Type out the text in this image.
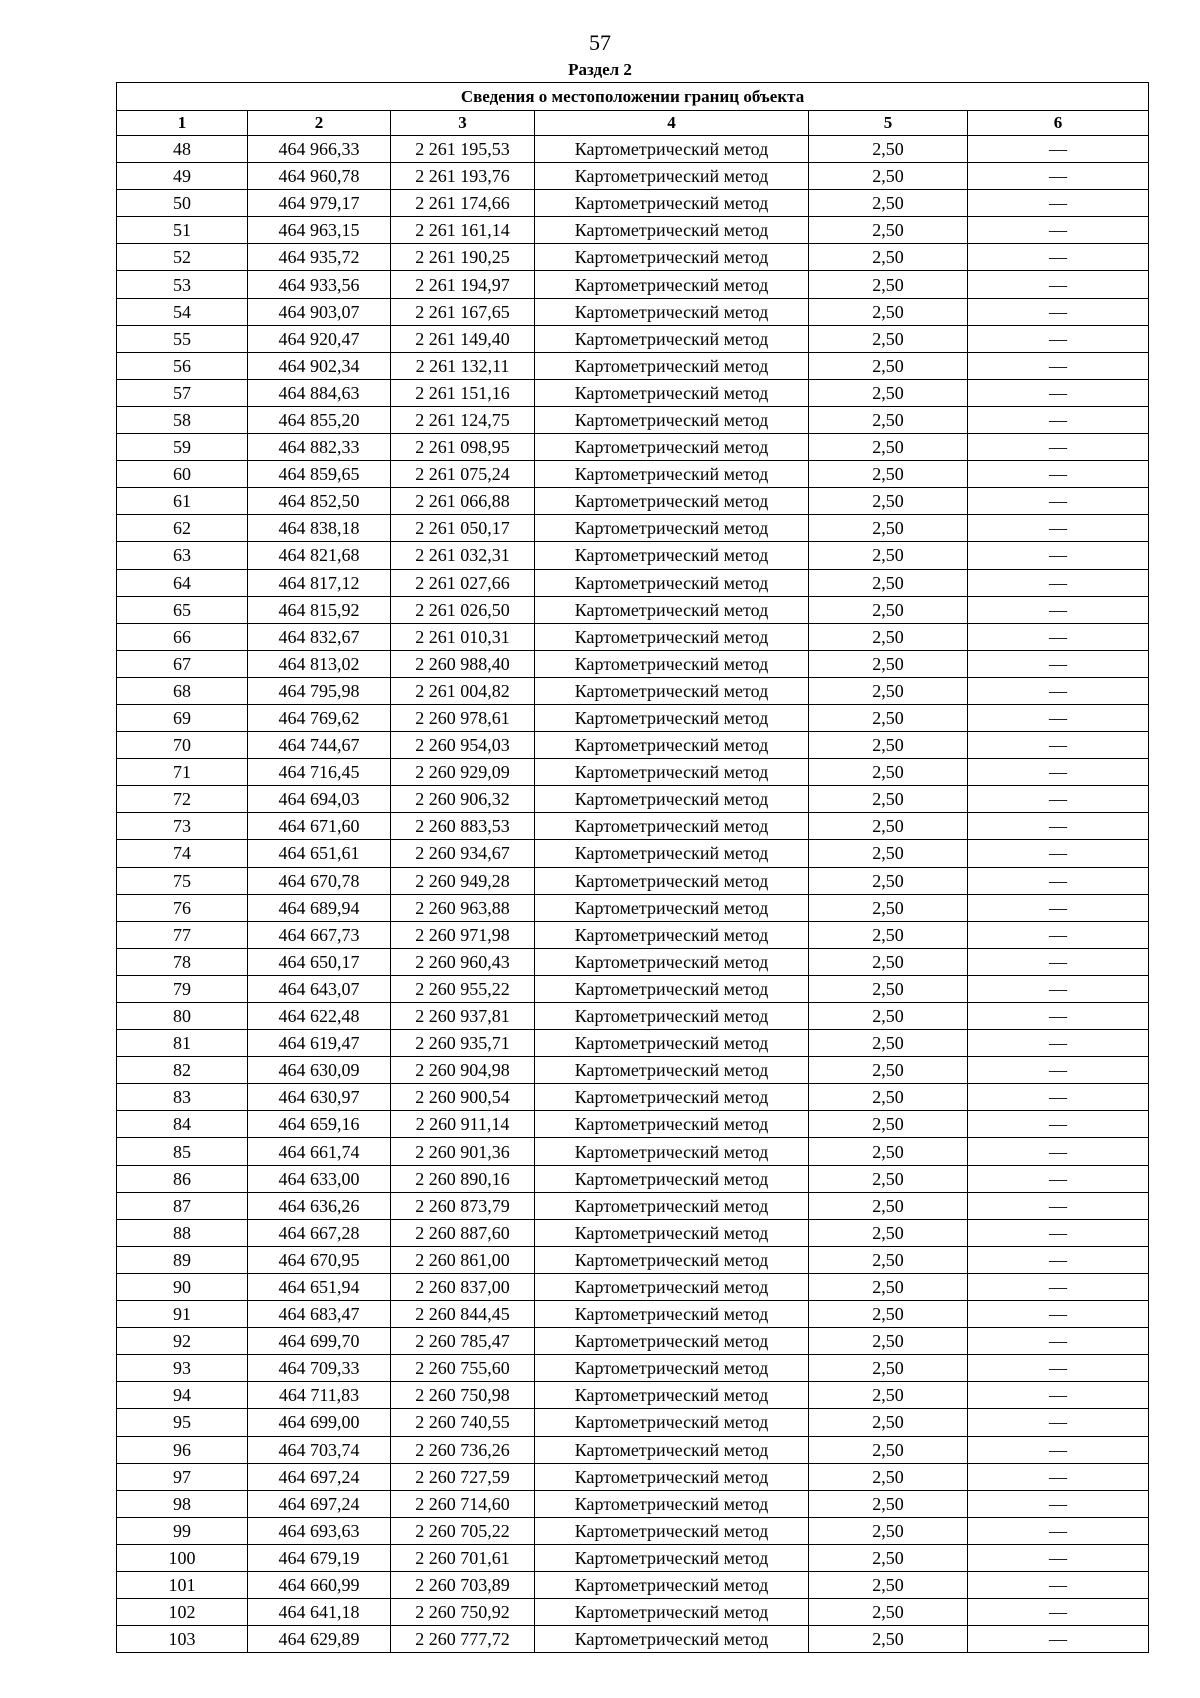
57
Раздел 2
Сведения о местоположении границ объекта					
1	2	3	4	5	6
48	464 966,33	2 261 195,53	Картометрический метод	2,50	—
49	464 960,78	2 261 193,76	Картометрический метод	2,50	—
50	464 979,17	2 261 174,66	Картометрический метод	2,50	—
51	464 963,15	2 261 161,14	Картометрический метод	2,50	—
52	464 935,72	2 261 190,25	Картометрический метод	2,50	—
53	464 933,56	2 261 194,97	Картометрический метод	2,50	—
54	464 903,07	2 261 167,65	Картометрический метод	2,50	—
55	464 920,47	2 261 149,40	Картометрический метод	2,50	—
56	464 902,34	2 261 132,11	Картометрический метод	2,50	—
57	464 884,63	2 261 151,16	Картометрический метод	2,50	—
58	464 855,20	2 261 124,75	Картометрический метод	2,50	—
59	464 882,33	2 261 098,95	Картометрический метод	2,50	—
60	464 859,65	2 261 075,24	Картометрический метод	2,50	—
61	464 852,50	2 261 066,88	Картометрический метод	2,50	—
62	464 838,18	2 261 050,17	Картометрический метод	2,50	—
63	464 821,68	2 261 032,31	Картометрический метод	2,50	—
64	464 817,12	2 261 027,66	Картометрический метод	2,50	—
65	464 815,92	2 261 026,50	Картометрический метод	2,50	—
66	464 832,67	2 261 010,31	Картометрический метод	2,50	—
67	464 813,02	2 260 988,40	Картометрический метод	2,50	—
68	464 795,98	2 261 004,82	Картометрический метод	2,50	—
69	464 769,62	2 260 978,61	Картометрический метод	2,50	—
70	464 744,67	2 260 954,03	Картометрический метод	2,50	—
71	464 716,45	2 260 929,09	Картометрический метод	2,50	—
72	464 694,03	2 260 906,32	Картометрический метод	2,50	—
73	464 671,60	2 260 883,53	Картометрический метод	2,50	—
74	464 651,61	2 260 934,67	Картометрический метод	2,50	—
75	464 670,78	2 260 949,28	Картометрический метод	2,50	—
76	464 689,94	2 260 963,88	Картометрический метод	2,50	—
77	464 667,73	2 260 971,98	Картометрический метод	2,50	—
78	464 650,17	2 260 960,43	Картометрический метод	2,50	—
79	464 643,07	2 260 955,22	Картометрический метод	2,50	—
80	464 622,48	2 260 937,81	Картометрический метод	2,50	—
81	464 619,47	2 260 935,71	Картометрический метод	2,50	—
82	464 630,09	2 260 904,98	Картометрический метод	2,50	—
83	464 630,97	2 260 900,54	Картометрический метод	2,50	—
84	464 659,16	2 260 911,14	Картометрический метод	2,50	—
85	464 661,74	2 260 901,36	Картометрический метод	2,50	—
86	464 633,00	2 260 890,16	Картометрический метод	2,50	—
87	464 636,26	2 260 873,79	Картометрический метод	2,50	—
88	464 667,28	2 260 887,60	Картометрический метод	2,50	—
89	464 670,95	2 260 861,00	Картометрический метод	2,50	—
90	464 651,94	2 260 837,00	Картометрический метод	2,50	—
91	464 683,47	2 260 844,45	Картометрический метод	2,50	—
92	464 699,70	2 260 785,47	Картометрический метод	2,50	—
93	464 709,33	2 260 755,60	Картометрический метод	2,50	—
94	464 711,83	2 260 750,98	Картометрический метод	2,50	—
95	464 699,00	2 260 740,55	Картометрический метод	2,50	—
96	464 703,74	2 260 736,26	Картометрический метод	2,50	—
97	464 697,24	2 260 727,59	Картометрический метод	2,50	—
98	464 697,24	2 260 714,60	Картометрический метод	2,50	—
99	464 693,63	2 260 705,22	Картометрический метод	2,50	—
100	464 679,19	2 260 701,61	Картометрический метод	2,50	—
101	464 660,99	2 260 703,89	Картометрический метод	2,50	—
102	464 641,18	2 260 750,92	Картометрический метод	2,50	—
103	464 629,89	2 260 777,72	Картометрический метод	2,50	—
